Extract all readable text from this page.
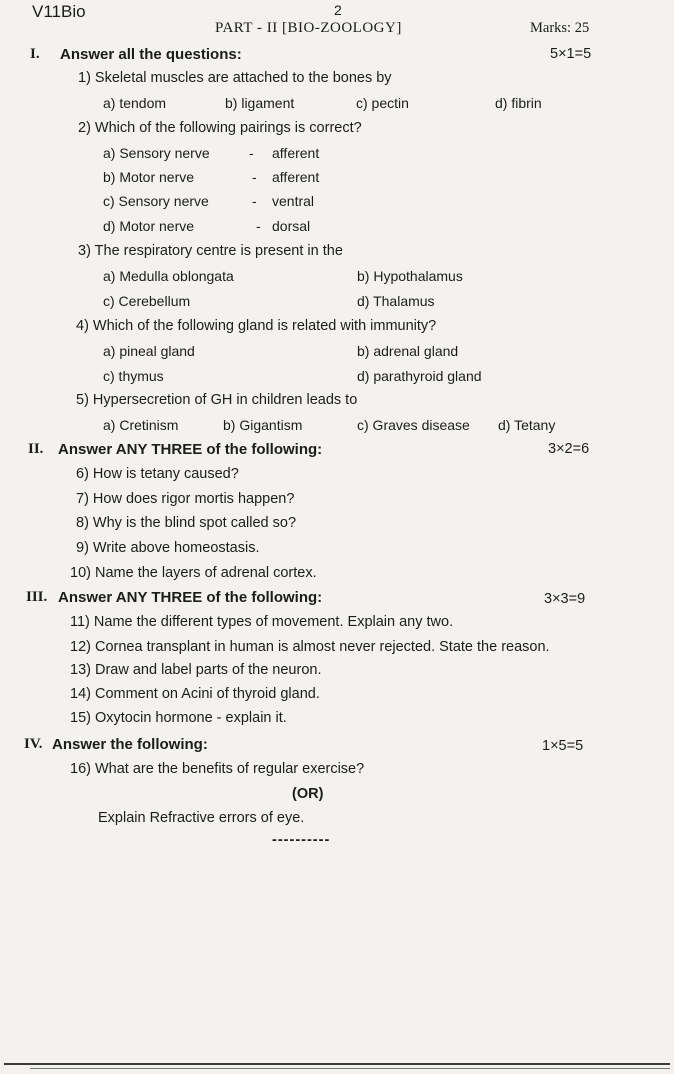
V11Bio	2
PART - II [BIO-ZOOLOGY]	Marks: 25
I. Answer all the questions:	5×1=5
1) Skeletal muscles are attached to the bones by
a) tendom	b) ligament	c) pectin	d) fibrin
2) Which of the following pairings is correct?
a) Sensory nerve	- afferent
b) Motor nerve	- afferent
c) Sensory nerve	- ventral
d) Motor nerve	- dorsal
3) The respiratory centre is present in the
a) Medulla oblongata	b) Hypothalamus
c) Cerebellum	d) Thalamus
4) Which of the following gland is related with immunity?
a) pineal gland	b) adrenal gland
c) thymus	d) parathyroid gland
5) Hypersecretion of GH in children leads to
a) Cretinism	b) Gigantism	c) Graves disease d) Tetany
II. Answer ANY THREE of the following:	3×2=6
6) How is tetany caused?
7) How does rigor mortis happen?
8) Why is the blind spot called so?
9) Write above homeostasis.
10) Name the layers of adrenal cortex.
III. Answer ANY THREE of the following:	3×3=9
11) Name the different types of movement. Explain any two.
12) Cornea transplant in human is almost never rejected. State the reason.
13) Draw and label parts of the neuron.
14) Comment on Acini of thyroid gland.
15) Oxytocin hormone - explain it.
IV. Answer the following:	1×5=5
16) What are the benefits of regular exercise?
(OR)
Explain Refractive errors of eye.
----------
